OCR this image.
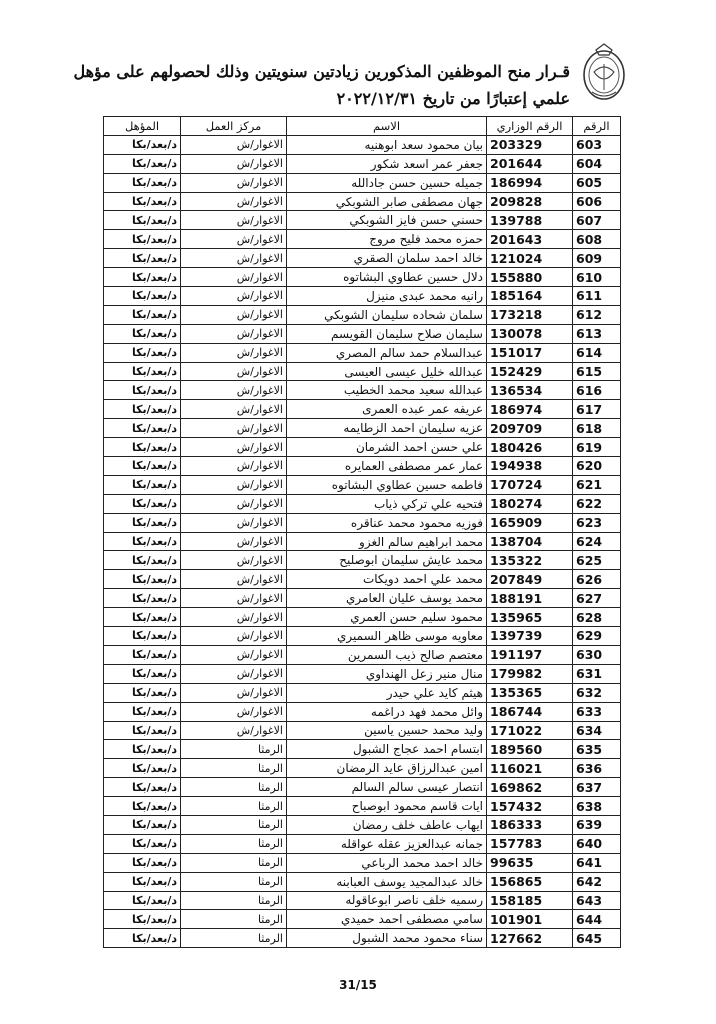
قـرار منح الموظفين المذكورين زيادتين سنويتين وذلك لحصولهم على مؤهل
علمي إعتبارًا من تاريخ ٢٠٢٢/١٢/٣١
الرقم	الرقم الوزاري	الاسم	مركز العمل	المؤهل
603	203329	بيان محمود سعد ابوهنيه	الاغوار/ش	د/بعد/بكا
604	201644	جعفر عمر اسعد شكور	الاغوار/ش	د/بعد/بكا
605	186994	جميله حسين حسن جادالله	الاغوار/ش	د/بعد/بكا
606	209828	جهان مصطفى صابر الشوبكي	الاغوار/ش	د/بعد/بكا
607	139788	حسني حسن فايز الشوبكي	الاغوار/ش	د/بعد/بكا
608	201643	حمزه محمد فليح مروج	الاغوار/ش	د/بعد/بكا
609	121024	خالد احمد سلمان الصقري	الاغوار/ش	د/بعد/بكا
610	155880	دلال حسين عطاوي البشاتوه	الاغوار/ش	د/بعد/بكا
611	185164	رانيه محمد عبدى منيزل	الاغوار/ش	د/بعد/بكا
612	173218	سلمان شحاده سليمان الشوبكي	الاغوار/ش	د/بعد/بكا
613	130078	سليمان صلاح سليمان القويسم	الاغوار/ش	د/بعد/بكا
614	151017	عبدالسلام حمد سالم المصري	الاغوار/ش	د/بعد/بكا
615	152429	عبدالله خليل عيسى العيسى	الاغوار/ش	د/بعد/بكا
616	136534	عبدالله سعيد محمد الخطيب	الاغوار/ش	د/بعد/بكا
617	186974	عريفه عمر عبده العمرى	الاغوار/ش	د/بعد/بكا
618	209709	عزيه سليمان احمد الزطايمه	الاغوار/ش	د/بعد/بكا
619	180426	علي حسن احمد الشرمان	الاغوار/ش	د/بعد/بكا
620	194938	عمار عمر مصطفى العمايره	الاغوار/ش	د/بعد/بكا
621	170724	فاطمه حسين عطاوي البشاتوه	الاغوار/ش	د/بعد/بكا
622	180274	فتحيه علي تركي ذياب	الاغوار/ش	د/بعد/بكا
623	165909	فوزيه محمود محمد عناقره	الاغوار/ش	د/بعد/بكا
624	138704	محمد ابراهيم سالم الغزو	الاغوار/ش	د/بعد/بكا
625	135322	محمد عايش سليمان ابوصليح	الاغوار/ش	د/بعد/بكا
626	207849	محمد علي احمد دويكات	الاغوار/ش	د/بعد/بكا
627	188191	محمد يوسف عليان العامري	الاغوار/ش	د/بعد/بكا
628	135965	محمود سليم حسن العمري	الاغوار/ش	د/بعد/بكا
629	139739	معاويه موسى ظاهر السميري	الاغوار/ش	د/بعد/بكا
630	191197	معتصم صالح ذيب السمرين	الاغوار/ش	د/بعد/بكا
631	179982	منال منير زعل الهنداوي	الاغوار/ش	د/بعد/بكا
632	135365	هيثم كايد علي حيدر	الاغوار/ش	د/بعد/بكا
633	186744	وائل محمد فهد دراغمه	الاغوار/ش	د/بعد/بكا
634	171022	وليد محمد حسين ياسين	الاغوار/ش	د/بعد/بكا
635	189560	ابتسام احمد عجاج الشبول	الرمثا	د/بعد/بكا
636	116021	امين عبدالرزاق عايد الرمضان	الرمثا	د/بعد/بكا
637	169862	انتصار عيسى سالم السالم	الرمثا	د/بعد/بكا
638	157432	ايات قاسم محمود ابوصباح	الرمثا	د/بعد/بكا
639	186333	ايهاب عاطف خلف رمضان	الرمثا	د/بعد/بكا
640	157783	جمانه عبدالعزيز عقله عواقله	الرمثا	د/بعد/بكا
641	99635	خالد احمد محمد الرباعي	الرمثا	د/بعد/بكا
642	156865	خالد عبدالمجيد يوسف العبابنه	الرمثا	د/بعد/بكا
643	158185	رسميه خلف ناصر ابوعاقوله	الرمثا	د/بعد/بكا
644	101901	سامي مصطفى احمد حميدي	الرمثا	د/بعد/بكا
645	127662	سناء محمود محمد الشبول	الرمثا	د/بعد/بكا
31/15
